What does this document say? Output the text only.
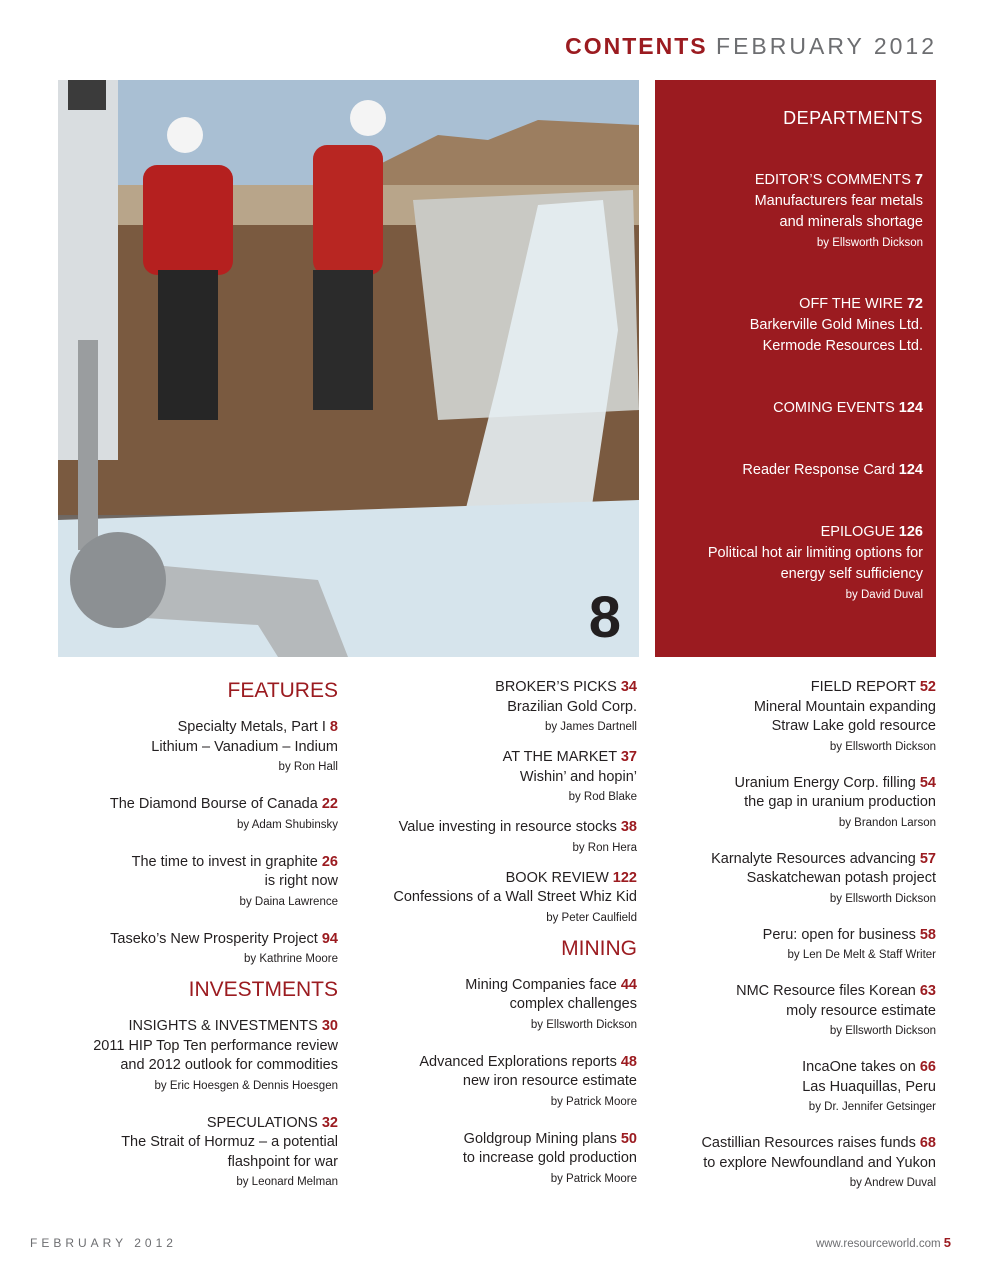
CONTENTS FEBRUARY 2012
8
DEPARTMENTS
EDITOR’S COMMENTS 7
Manufacturers fear metals
and minerals shortage
by Ellsworth Dickson
OFF THE WIRE 72
Barkerville Gold Mines Ltd.
Kermode Resources Ltd.
COMING EVENTS 124
Reader Response Card 124
EPILOGUE 126
Political hot air limiting options for
energy self sufficiency
by David Duval
FEATURES
Specialty Metals, Part I 8
Lithium – Vanadium – Indium
by Ron Hall
The Diamond Bourse of Canada 22
by Adam Shubinsky
The time to invest in graphite 26
is right now
by Daina Lawrence
Taseko’s New Prosperity Project 94
by Kathrine Moore
INVESTMENTS
INSIGHTS & INVESTMENTS 30
2011 HIP Top Ten performance review
and 2012 outlook for commodities
by Eric Hoesgen & Dennis Hoesgen
SPECULATIONS 32
The Strait of Hormuz – a potential
flashpoint for war
by Leonard Melman
BROKER’S PICKS 34
Brazilian Gold Corp.
by James Dartnell
AT THE MARKET 37
Wishin’ and hopin’
by Rod Blake
Value investing in resource stocks 38
by Ron Hera
BOOK REVIEW 122
Confessions of a Wall Street Whiz Kid
by Peter Caulfield
MINING
Mining Companies face 44
complex challenges
by Ellsworth Dickson
Advanced Explorations reports 48
new iron resource estimate
by Patrick Moore
Goldgroup Mining plans 50
to increase gold production
by Patrick Moore
FIELD REPORT 52
Mineral Mountain expanding
Straw Lake gold resource
by Ellsworth Dickson
Uranium Energy Corp. filling 54
the gap in uranium production
by Brandon Larson
Karnalyte Resources advancing 57
Saskatchewan potash project
by Ellsworth Dickson
Peru: open for business 58
by Len De Melt & Staff Writer
NMC Resource files Korean 63
moly resource estimate
by Ellsworth Dickson
IncaOne takes on 66
Las Huaquillas, Peru
by Dr. Jennifer Getsinger
Castillian Resources raises funds 68
to explore Newfoundland and Yukon
by Andrew Duval
FEBRUARY 2012	www.resourceworld.com 5
